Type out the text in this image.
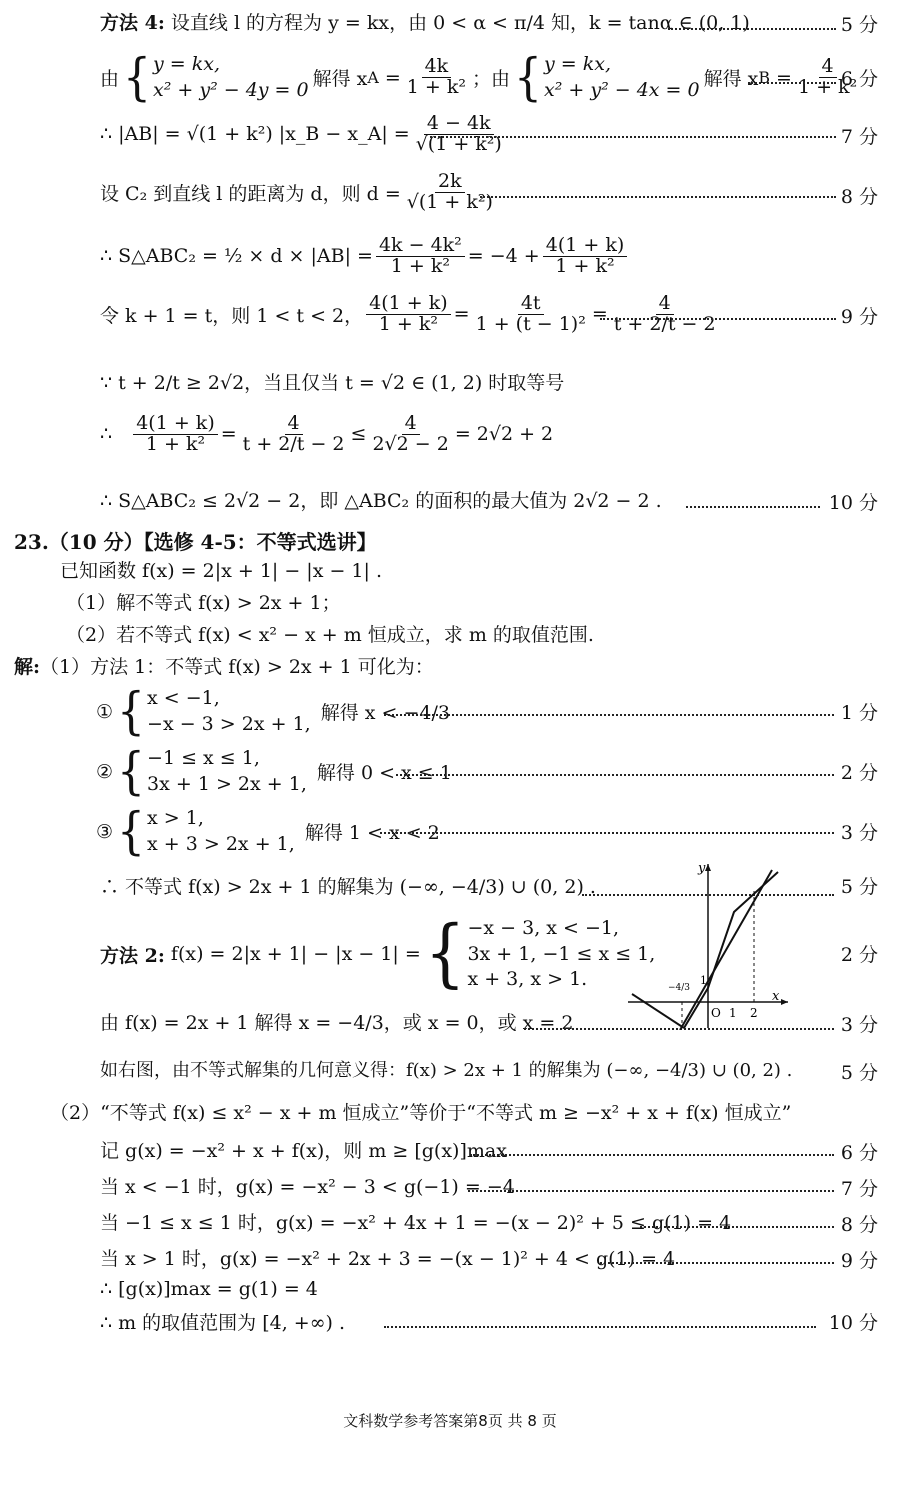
方法 4:
设直线 l 的方程为 y = kx，由 0 < α < π/4 知，k = tanα ∈ (0, 1)	5 分
由 { y = kx,
x² + y² − 4y = 0 解得 x $A = \frac{4k}{\text{1 + k²}}$ ；由 { y = kx,
x² + y² − 4x = 0 解得 x $B = \frac{4}{\text{1 + k²}}$
6 分
∴ |AB| = √(1 + k²) |x_B − x_A| = $\frac{4 - 4k}{\text{√(1 + k²)}}$	7 分
设 C₂ 到直线 l 的距离为 d，则 $d = \frac{2k}{\text{√(1 + k²)}}$	8 分
∴ S△ABC₂ = ½ × $d \times |AB| = \frac{\text{4k − 4k²}}{\text{1 + k²}} = -4 + \frac{4(1 + k)}{\text{1 + k²}}$
令 k + 1 = t，则 1 < t < 2， $\frac{4(1 + k)}{\text{1 + k²}} = \frac{4t}{\text{1 + (t − 1)²}} = \frac{4}{t + 2/t - 2}$	9 分
∵ t + 2/t ≥ 2√2，当且仅当 t = √2 ∈ (1, 2) 时取等号
∴
$\frac{4(1 + k)}{\text{1 + k²}} = \frac{4}{t + 2/t - 2} \le \frac{4}{2√2 - 2} = 2√2 + 2$
∴ S△ABC₂ ≤ 2√2 − 2，即 △ABC₂ 的面积的最大值为 2√2 − 2 .	10 分
23.（10 分）【选修 4-5：不等式选讲】
已知函数 f(x) = 2|x + 1| − |x − 1| .
（1）解不等式 f(x) > 2x + 1；
（2）若不等式 f(x) < x² − x + m 恒成立，求 m 的取值范围.
解: （1）方法 1：不等式 f(x) > 2x + 1 可化为：
① { x < −1,
−x − 3 > 2x + 1,
解得 x < −4/3	1 分
② { −1 ≤ x ≤ 1,
3x + 1 > 2x + 1,
解得 0 < x ≤ 1	2 分
③ { x > 1,
x + 3 > 2x + 1,
解得 1 < x < 2	3 分
∴ 不等式 f(x) > 2x + 1 的解集为 (−∞, −4/3) ∪ (0, 2) .	5 分
方法 2:
f(x) = 2|x + 1| − |x − 1| = { −x − 3, x < −1,
3x + 1, −1 ≤ x ≤ 1,
x + 3, x > 1.
2 分
由 f(x) = 2x + 1 解得 x = −4/3，或 x = 0，或 x = 2	3 分
如右图，由不等式解集的几何意义得：f(x) > 2x + 1 的解集为 (−∞, −4/3) ∪ (0, 2) .	5 分
y
x
O 1 2
1
−4/3
（2）“不等式 f(x) ≤ x² − x + m 恒成立”等价于“不等式 m ≥ −x² + x + f(x) 恒成立”
记 g(x) = −x² + x + f(x)，则 m ≥ [g(x)]max	6 分
当 x < −1 时，g(x) = −x² − 3 < g(−1) = −4	7 分
当 −1 ≤ x ≤ 1 时，g(x) = −x² + 4x + 1 = −(x − 2)² + 5 ≤ g(1) = 4	8 分
当 x > 1 时，g(x) = −x² + 2x + 3 = −(x − 1)² + 4 < g(1) = 4	9 分
∴ [g(x)]max = g(1) = 4
∴ m 的取值范围为 [4, +∞) .	10 分
文科数学参考答案第8页 共 8 页
